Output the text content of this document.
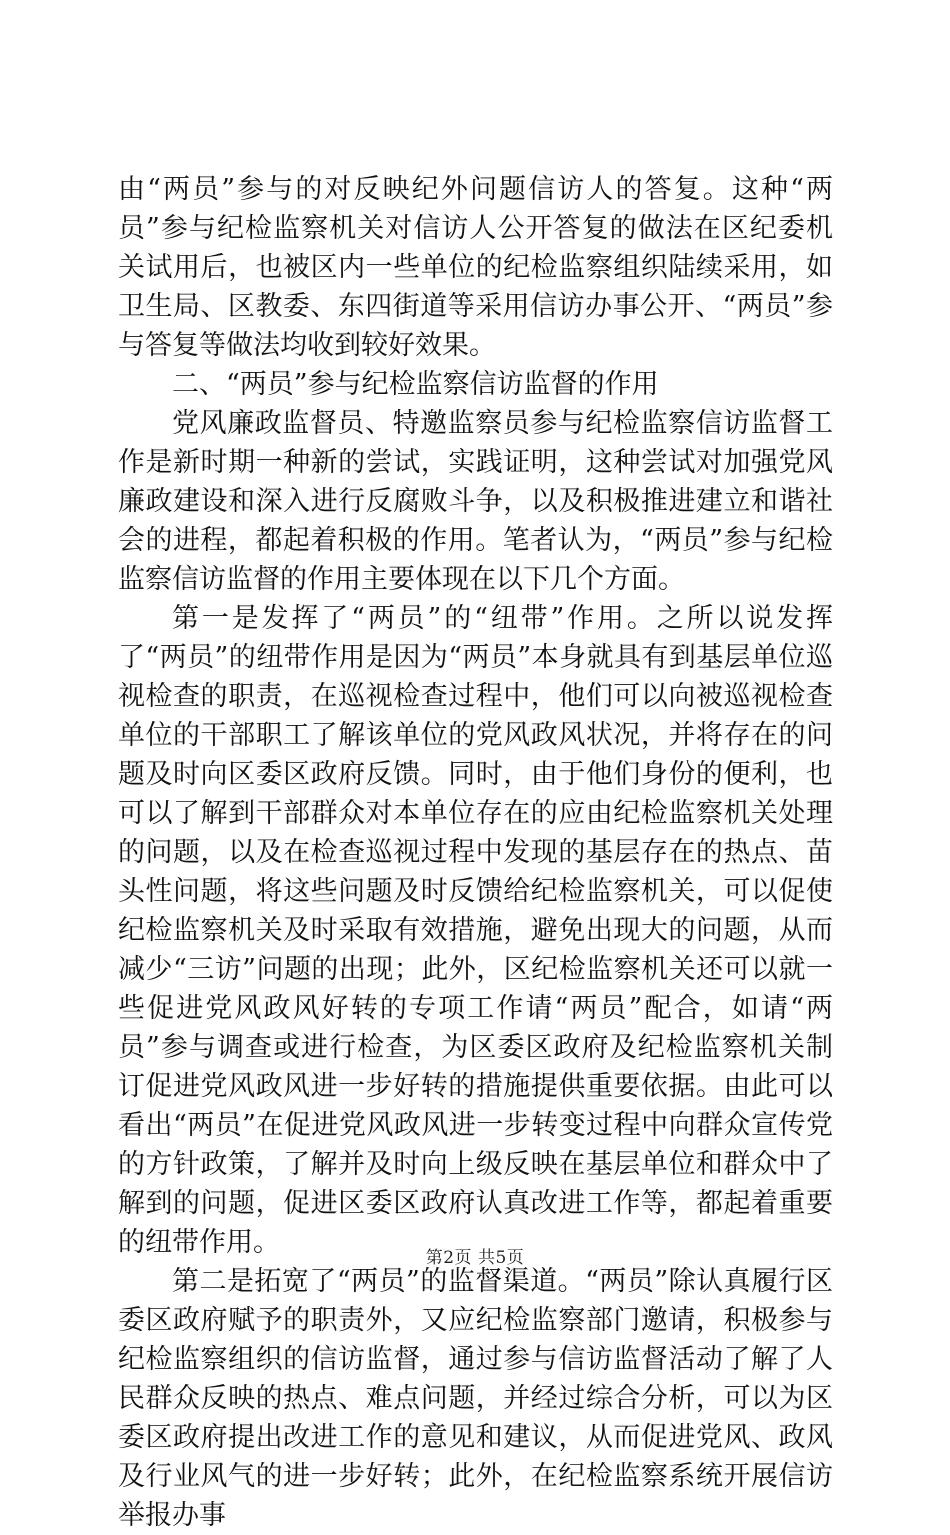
由“两员”参与的对反映纪外问题信访人的答复。这种“两员”参与纪检监察机关对信访人公开答复的做法在区纪委机关试用后，也被区内一些单位的纪检监察组织陆续采用，如卫生局、区教委、东四街道等采用信访办事公开、“两员”参与答复等做法均收到较好效果。

二、“两员”参与纪检监察信访监督的作用

党风廉政监督员、特邀监察员参与纪检监察信访监督工作是新时期一种新的尝试，实践证明，这种尝试对加强党风廉政建设和深入进行反腐败斗争，以及积极推进建立和谐社会的进程，都起着积极的作用。笔者认为，“两员”参与纪检监察信访监督的作用主要体现在以下几个方面。

第一是发挥了“两员”的“纽带”作用。之所以说发挥了“两员”的纽带作用是因为“两员”本身就具有到基层单位巡视检查的职责，在巡视检查过程中，他们可以向被巡视检查单位的干部职工了解该单位的党风政风状况，并将存在的问题及时向区委区政府反馈。同时，由于他们身份的便利，也可以了解到干部群众对本单位存在的应由纪检监察机关处理的问题，以及在检查巡视过程中发现的基层存在的热点、苗头性问题，将这些问题及时反馈给纪检监察机关，可以促使纪检监察机关及时采取有效措施，避免出现大的问题，从而减少“三访”问题的出现；此外，区纪检监察机关还可以就一些促进党风政风好转的专项工作请“两员”配合，如请“两员”参与调查或进行检查，为区委区政府及纪检监察机关制订促进党风政风进一步好转的措施提供重要依据。由此可以看出“两员”在促进党风政风进一步转变过程中向群众宣传党的方针政策，了解并及时向上级反映在基层单位和群众中了解到的问题，促进区委区政府认真改进工作等，都起着重要的纽带作用。

第二是拓宽了“两员”的监督渠道。“两员”除认真履行区委区政府赋予的职责外，又应纪检监察部门邀请，积极参与纪检监察组织的信访监督，通过参与信访监督活动了解了人民群众反映的热点、难点问题，并经过综合分析，可以为区委区政府提出改进工作的意见和建议，从而促进党风、政风及行业风气的进一步好转；此外，在纪检监察系统开展信访举报办事

第2页 共5页
